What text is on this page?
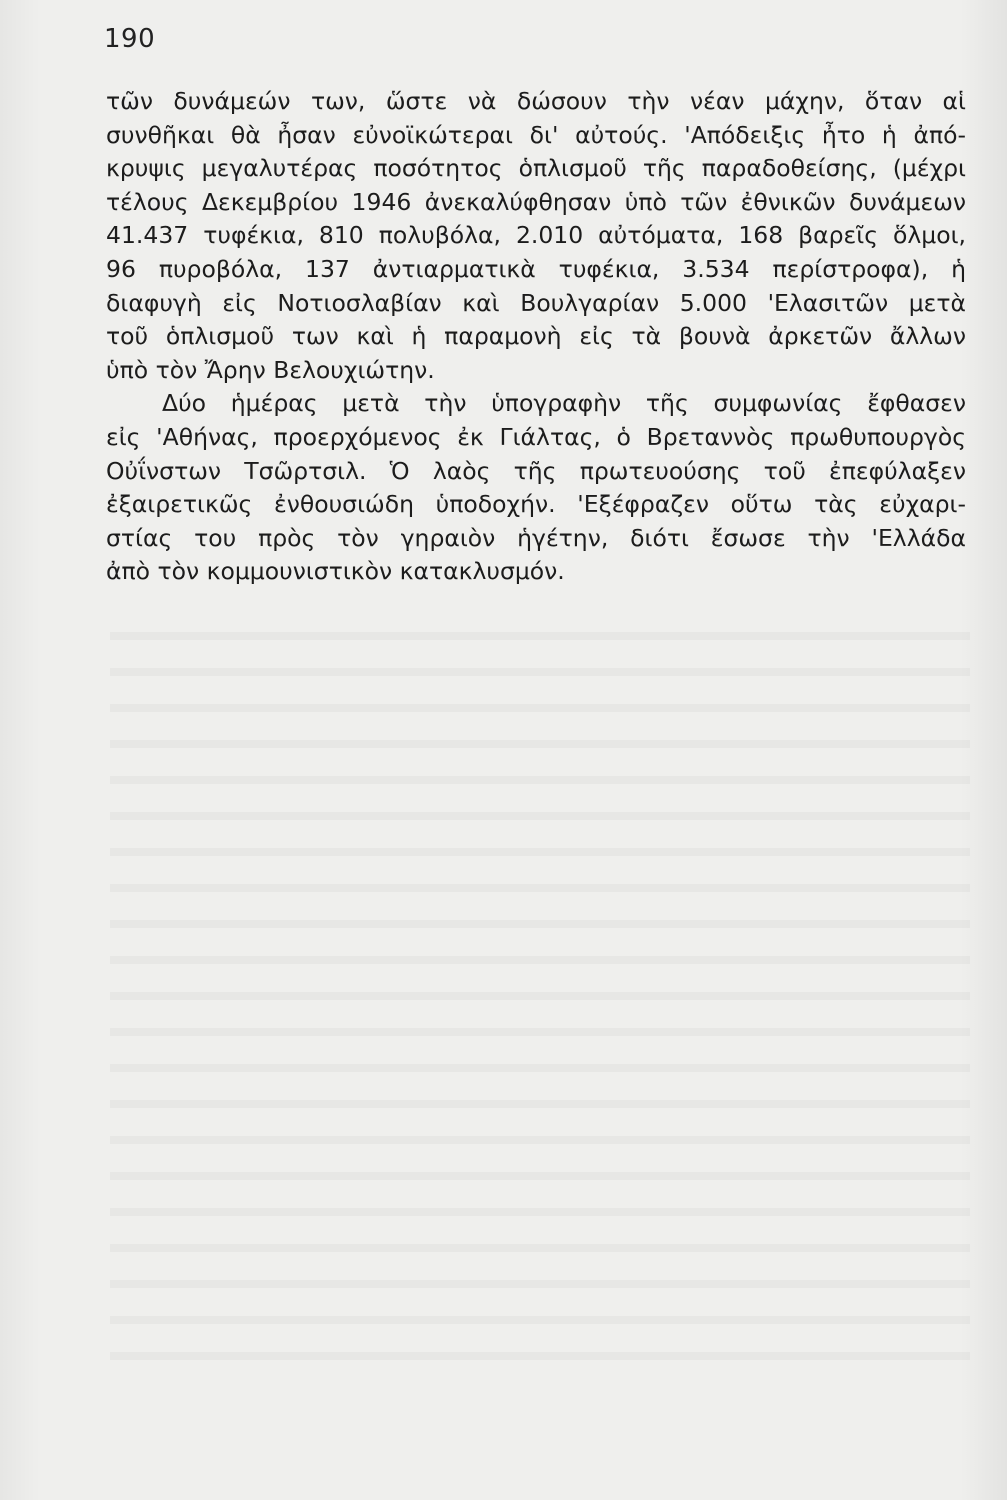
190
τῶν δυνάμεών των, ὥστε νὰ δώσουν τὴν νέαν μάχην, ὅταν αἱ
συνθῆκαι θὰ ἦσαν εὐνοϊκώτεραι δι' αὐτούς. 'Απόδειξις ἦτο ἡ ἀπό-
κρυψις μεγαλυτέρας ποσότητος ὁπλισμοῦ τῆς παραδοθείσης, (μέχρι
τέλους Δεκεμβρίου 1946 ἀνεκαλύφθησαν ὑπὸ τῶν ἐθνικῶν δυνάμεων
41.437 τυφέκια, 810 πολυβόλα, 2.010 αὐτόματα, 168 βαρεῖς ὅλμοι,
96 πυροβόλα, 137 ἀντιαρματικὰ τυφέκια, 3.534 περίστροφα), ἡ
διαφυγὴ εἰς Νοτιοσλαβίαν καὶ Βουλγαρίαν 5.000 'Ελασιτῶν μετὰ
τοῦ ὁπλισμοῦ των καὶ ἡ παραμονὴ εἰς τὰ βουνὰ ἀρκετῶν ἄλλων
ὑπὸ τὸν Ἄρην Βελουχιώτην.
Δύο ἡμέρας μετὰ τὴν ὑπογραφὴν τῆς συμφωνίας ἔφθασεν
εἰς 'Αθήνας, προερχόμενος ἐκ Γιάλτας, ὁ Βρεταννὸς πρωθυπουργὸς
Οὐΐνστων Τσῶρτσιλ. Ὁ λαὸς τῆς πρωτευούσης τοῦ ἐπεφύλαξεν
ἐξαιρετικῶς ἐνθουσιώδη ὑποδοχήν. 'Εξέφραζεν οὕτω τὰς εὐχαρι-
στίας του πρὸς τὸν γηραιὸν ἡγέτην, διότι ἔσωσε τὴν 'Ελλάδα
ἀπὸ τὸν κομμουνιστικὸν κατακλυσμόν.
